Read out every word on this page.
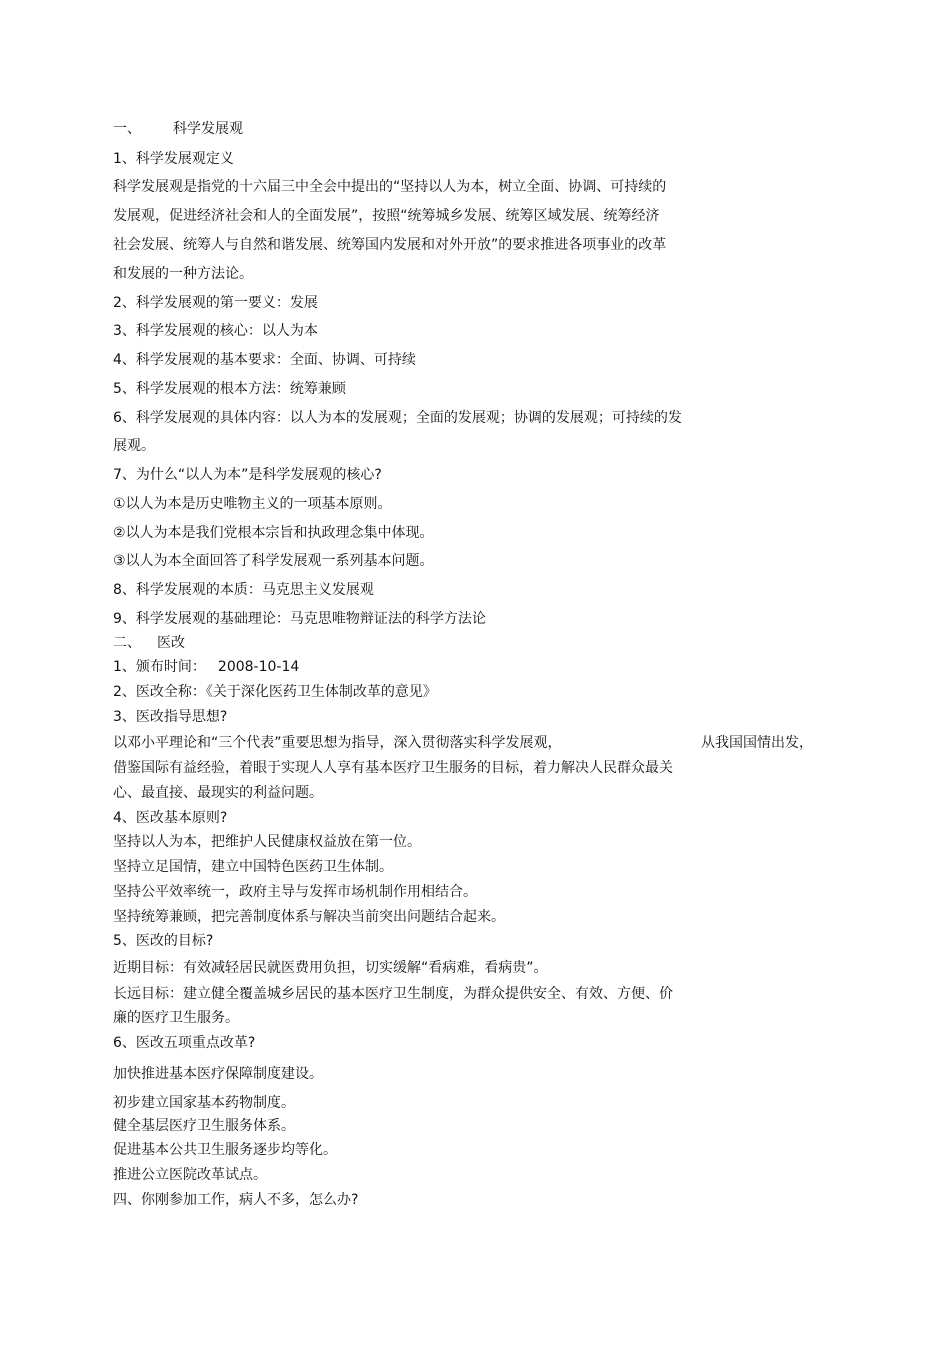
一、 科学发展观
1、科学发展观定义
科学发展观是指党的十六届三中全会中提出的“坚持以人为本，树立全面、协调、可持续的
发展观，促进经济社会和人的全面发展”，按照“统筹城乡发展、统筹区域发展、统筹经济
社会发展、统筹人与自然和谐发展、统筹国内发展和对外开放”的要求推进各项事业的改革
和发展的一种方法论。
2、科学发展观的第一要义：发展
3、科学发展观的核心：以人为本
4、科学发展观的基本要求：全面、协调、可持续
5、科学发展观的根本方法：统筹兼顾
6、科学发展观的具体内容：以人为本的发展观；全面的发展观；协调的发展观；可持续的发
展观。
7、为什么“以人为本”是科学发展观的核心?
①以人为本是历史唯物主义的一项基本原则。
②以人为本是我们党根本宗旨和执政理念集中体现。
③以人为本全面回答了科学发展观一系列基本问题。
8、科学发展观的本质：马克思主义发展观
9、科学发展观的基础理论：马克思唯物辩证法的科学方法论
二、 医改
1、颁布时间： 2008-10-14
2、医改全称：《关于深化医药卫生体制改革的意见》
3、医改指导思想?
以邓小平理论和“三个代表”重要思想为指导，深入贯彻落实科学发展观，	从我国国情出发，
借鉴国际有益经验，着眼于实现人人享有基本医疗卫生服务的目标，着力解决人民群众最关
心、最直接、最现实的利益问题。
4、医改基本原则?
坚持以人为本，把维护人民健康权益放在第一位。
坚持立足国情，建立中国特色医药卫生体制。
坚持公平效率统一，政府主导与发挥市场机制作用相结合。
坚持统筹兼顾，把完善制度体系与解决当前突出问题结合起来。
5、医改的目标?
近期目标：有效减轻居民就医费用负担，切实缓解“看病难，看病贵”。
长远目标：建立健全覆盖城乡居民的基本医疗卫生制度，为群众提供安全、有效、方便、价
廉的医疗卫生服务。
6、医改五项重点改革?
加快推进基本医疗保障制度建设。
初步建立国家基本药物制度。
健全基层医疗卫生服务体系。
促进基本公共卫生服务逐步均等化。
推进公立医院改革试点。
四、你刚参加工作，病人不多，怎么办?
